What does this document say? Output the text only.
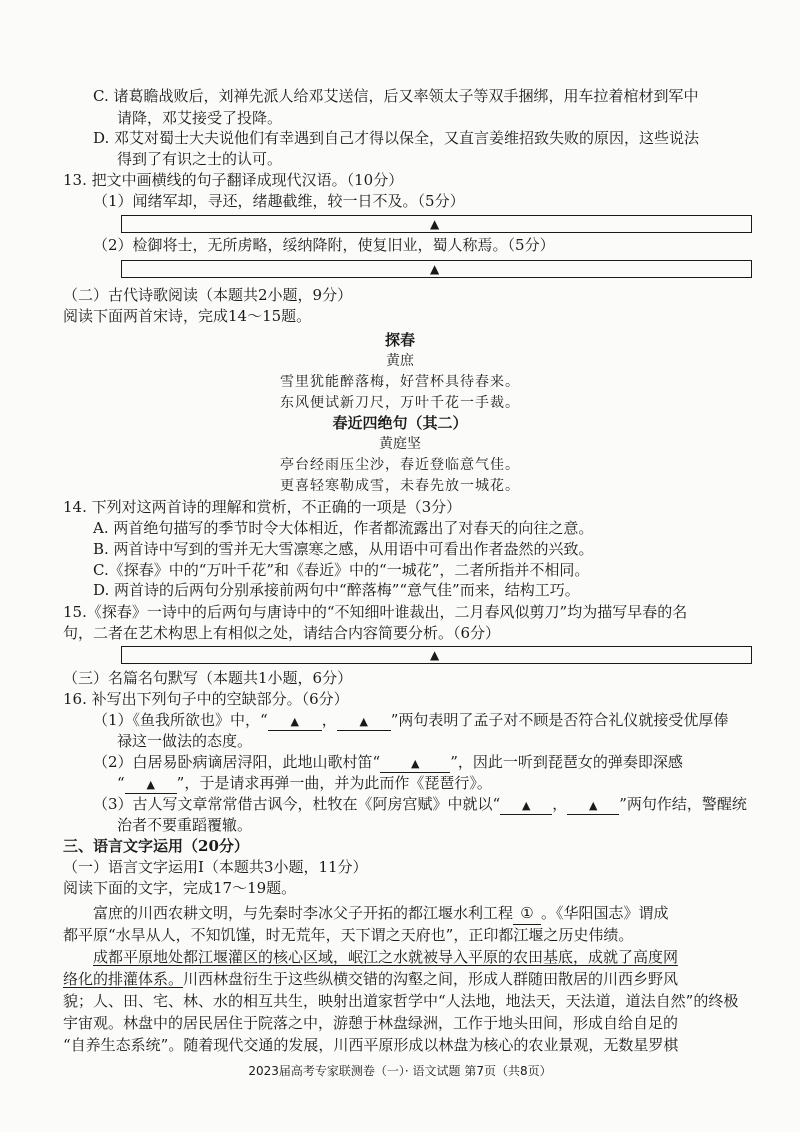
C. 诸葛瞻战败后，刘禅先派人给邓艾送信，后又率领太子等双手捆绑，用车拉着棺材到军中
请降，邓艾接受了投降。
D. 邓艾对蜀士大夫说他们有幸遇到自己才得以保全，又直言姜维招致失败的原因，这些说法
得到了有识之士的认可。
13. 把文中画横线的句子翻译成现代汉语。（10分）
（1）闻绪军却，寻还，绪趣截维，较一日不及。（5分）
▲
（2）检御将士，无所虏略，绥纳降附，使复旧业，蜀人称焉。（5分）
▲
（二）古代诗歌阅读（本题共2小题，9分）
阅读下面两首宋诗，完成14～15题。
探春
黄庶
雪里犹能醉落梅，好营杯具待春来。
东风便试新刀尺，万叶千花一手裁。
春近四绝句（其二）
黄庭坚
亭台经雨压尘沙，春近登临意气佳。
更喜轻寒勒成雪，未春先放一城花。
14. 下列对这两首诗的理解和赏析，不正确的一项是（3分）
A. 两首绝句描写的季节时令大体相近，作者都流露出了对春天的向往之意。
B. 两首诗中写到的雪并无大雪凛寒之感，从用语中可看出作者盎然的兴致。
C.《探春》中的“万叶千花”和《春近》中的“一城花”，二者所指并不相同。
D. 两首诗的后两句分别承接前两句中“醉落梅”“意气佳”而来，结构工巧。
15.《探春》一诗中的后两句与唐诗中的“不知细叶谁裁出，二月春风似剪刀”均为描写早春的名
句，二者在艺术构思上有相似之处，请结合内容简要分析。（6分）
▲
（三）名篇名句默写（本题共1小题，6分）
16. 补写出下列句子中的空缺部分。（6分）
（1）《鱼我所欲也》中，“ ▲ ， ▲ ”两句表明了孟子对不顾是否符合礼仪就接受优厚俸
禄这一做法的态度。
（2）白居易卧病谪居浔阳，此地山歌村笛“	▲ ”，因此一听到琵琶女的弹奏即深感
“ ▲ ”，于是请求再弹一曲，并为此而作《琵琶行》。
（3）古人写文章常常借古讽今，杜牧在《阿房宫赋》中就以“ ▲ ， ▲ ”两句作结，警醒统
治者不要重蹈覆辙。
三、语言文字运用（20分）
（一）语言文字运用Ⅰ（本题共3小题，11分）
阅读下面的文字，完成17～19题。
富庶的川西农耕文明，与先秦时李冰父子开拓的都江堰水利工程 ① 。《华阳国志》谓成
都平原“水旱从人，不知饥馑，时无荒年，天下谓之天府也”，正印都江堰之历史伟绩。
成都平原地处都江堰灌区的核心区域，岷江之水就被导入平原的农田基底，成就了高度网
络化的排灌体系。川西林盘衍生于这些纵横交错的沟壑之间，形成人群随田散居的川西乡野风
貌；人、田、宅、林、水的相互共生，映射出道家哲学中“人法地，地法天，天法道，道法自然”的终极
宇宙观。林盘中的居民居住于院落之中，游憩于林盘绿洲，工作于地头田间，形成自给自足的
“自养生态系统”。随着现代交通的发展，川西平原形成以林盘为核心的农业景观，无数星罗棋
2023届高考专家联测卷（一）· 语文试题 第7页（共8页）
